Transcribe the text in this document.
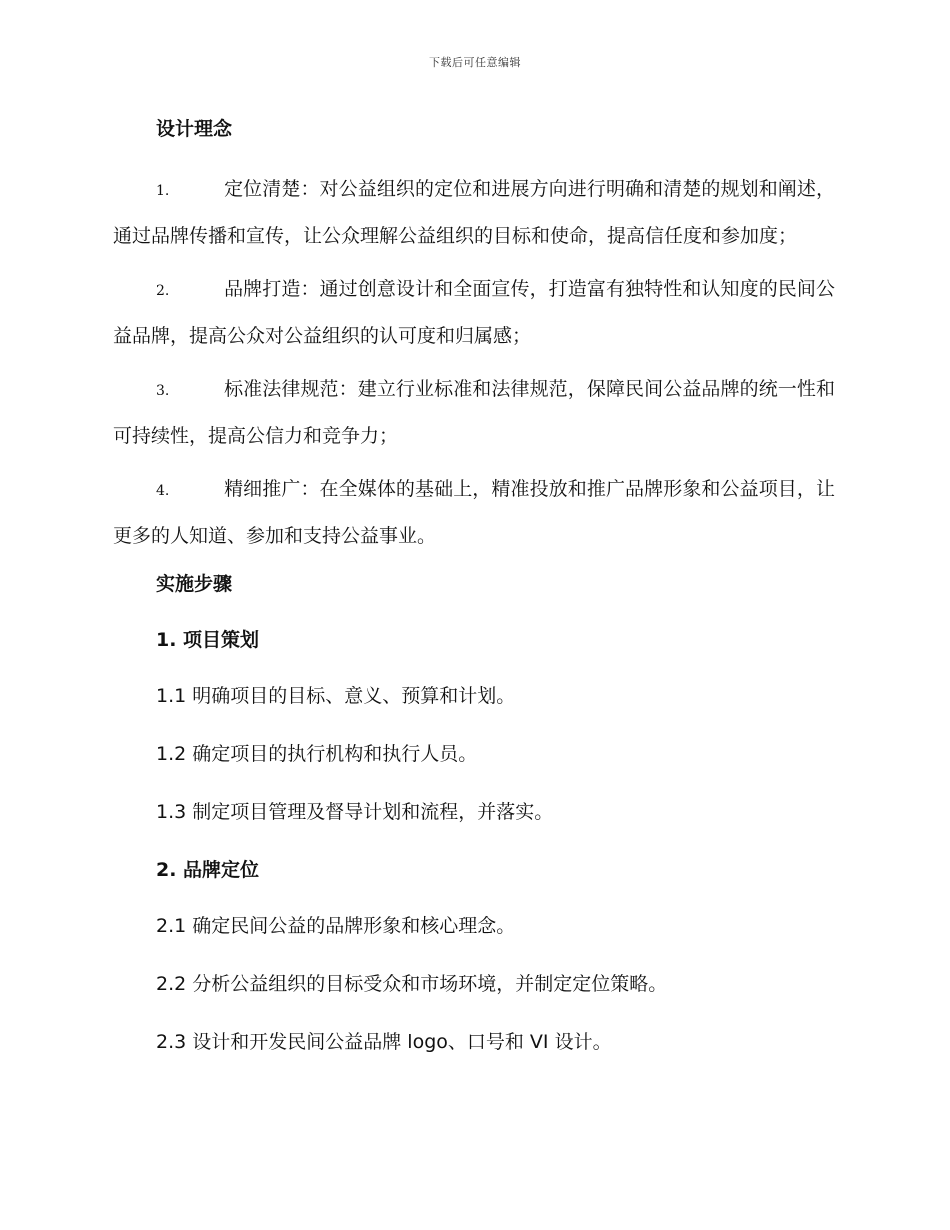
下载后可任意编辑
设计理念

1.	定位清楚：对公益组织的定位和进展方向进行明确和清楚的规划和阐述，通过品牌传播和宣传，让公众理解公益组织的目标和使命，提高信任度和参加度；

2.	品牌打造：通过创意设计和全面宣传，打造富有独特性和认知度的民间公益品牌，提高公众对公益组织的认可度和归属感；

3.	标准法律规范：建立行业标准和法律规范，保障民间公益品牌的统一性和可持续性，提高公信力和竞争力；

4.	精细推广：在全媒体的基础上，精准投放和推广品牌形象和公益项目，让更多的人知道、参加和支持公益事业。

实施步骤
1. 项目策划
1.1 明确项目的目标、意义、预算和计划。
1.2 确定项目的执行机构和执行人员。
1.3 制定项目管理及督导计划和流程，并落实。
2. 品牌定位
2.1 确定民间公益的品牌形象和核心理念。
2.2 分析公益组织的目标受众和市场环境，并制定定位策略。
2.3 设计和开发民间公益品牌 logo、口号和 VI 设计。
